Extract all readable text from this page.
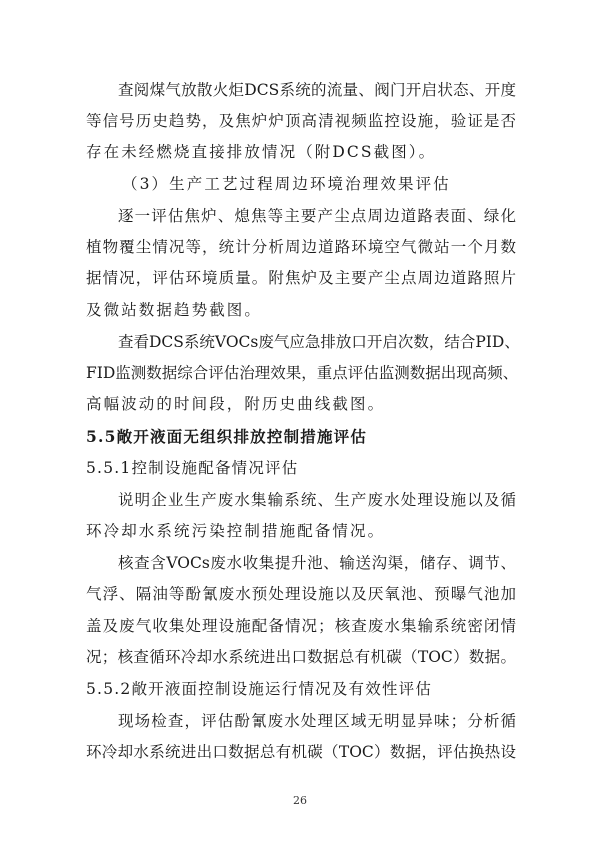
查阅煤气放散火炬DCS系统的流量、阀门开启状态、开度
等信号历史趋势，及焦炉炉顶高清视频监控设施，验证是否
存在未经燃烧直接排放情况（附DCS截图）。
（3）生产工艺过程周边环境治理效果评估
逐一评估焦炉、熄焦等主要产尘点周边道路表面、绿化
植物覆尘情况等，统计分析周边道路环境空气微站一个月数
据情况，评估环境质量。附焦炉及主要产尘点周边道路照片
及微站数据趋势截图。
查看DCS系统VOCs废气应急排放口开启次数，结合PID、
FID监测数据综合评估治理效果，重点评估监测数据出现高频、
高幅波动的时间段，附历史曲线截图。
5.5敞开液面无组织排放控制措施评估
5.5.1控制设施配备情况评估
说明企业生产废水集输系统、生产废水处理设施以及循
环冷却水系统污染控制措施配备情况。
核查含VOCs废水收集提升池、输送沟渠，储存、调节、
气浮、隔油等酚氰废水预处理设施以及厌氧池、预曝气池加
盖及废气收集处理设施配备情况；核查废水集输系统密闭情
况；核查循环冷却水系统进出口数据总有机碳（TOC）数据。
5.5.2敞开液面控制设施运行情况及有效性评估
现场检查，评估酚氰废水处理区域无明显异味；分析循
环冷却水系统进出口数据总有机碳（TOC）数据，评估换热设
26
